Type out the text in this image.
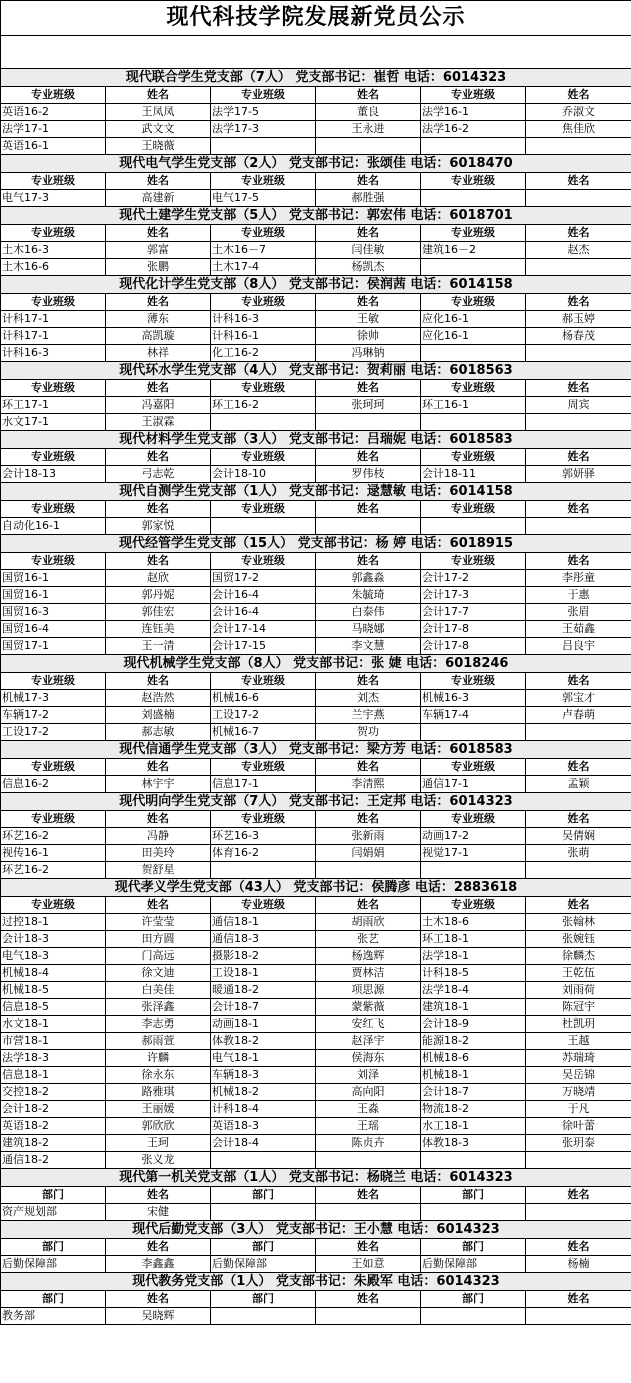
现代科技学院发展新党员公示					

现代联合学生党支部（7人） 党支部书记：崔哲 电话：6014323					
专业班级	姓名	专业班级	姓名	专业班级	姓名
英语16-2	王凤凤	法学17-5	董良	法学16-1	乔淑文
法学17-1	武文文	法学17-3	王永进	法学16-2	焦佳欣
英语16-1	王晓薇				
现代电气学生党支部（2人） 党支部书记：张颂佳 电话：6018470					
专业班级	姓名	专业班级	姓名	专业班级	姓名
电气17-3	高建新	电气17-5	郝胜强		
现代土建学生党支部（5人） 党支部书记：郭宏伟 电话：6018701					
专业班级	姓名	专业班级	姓名	专业班级	姓名
土木16-3	郭富	土木16－7	闫佳敏	建筑16－2	赵杰
土木16-6	张鹏	土木17-4	杨凯杰		
现代化计学生党支部（8人） 党支部书记：侯润茜 电话：6014158					
专业班级	姓名	专业班级	姓名	专业班级	姓名
计科17-1	薄东	计科16-3	王敏	应化16-1	郝玉婷
计科17-1	高凯璇	计科16-1	徐帅	应化16-1	杨春茂
计科16-3	林祥	化工16-2	冯琳钠		
现代环水学生党支部（4人） 党支部书记：贺莉丽 电话：6018563					
专业班级	姓名	专业班级	姓名	专业班级	姓名
环工17-1	冯嘉阳	环工16-2	张珂珂	环工16-1	周宾
水文17-1	王淑霖				
现代材料学生党支部（3人） 党支部书记：吕瑞妮 电话：6018583					
专业班级	姓名	专业班级	姓名	专业班级	姓名
会计18-13	弓志乾	会计18-10	罗伟枝	会计18-11	郭妍驿
现代自测学生党支部（1人） 党支部书记：逯慧敏 电话：6014158					
专业班级	姓名	专业班级	姓名	专业班级	姓名
自动化16-1	郭家悦				
现代经管学生党支部（15人） 党支部书记：杨 婷 电话：6018915					
专业班级	姓名	专业班级	姓名	专业班级	姓名
国贸16-1	赵欣	国贸17-2	郭鑫淼	会计17-2	李彤童
国贸16-1	郭丹妮	会计16-4	朱毓琦	会计17-3	于惠
国贸16-3	郭佳宏	会计16-4	白泰伟	会计17-7	张眉
国贸16-4	连钰美	会计17-14	马晓娜	会计17-8	王茹鑫
国贸17-1	王一清	会计17-15	李文慧	会计17-8	吕良宇
现代机械学生党支部（8人） 党支部书记：张 婕 电话：6018246					
专业班级	姓名	专业班级	姓名	专业班级	姓名
机械17-3	赵浩然	机械16-6	刘杰	机械16-3	郭宝才
车辆17-2	刘盛楠	工设17-2	兰宇燕	车辆17-4	卢春萌
工设17-2	郝志敏	机械16-7	贺功		
现代信通学生党支部（3人） 党支部书记：梁方芳 电话：6018583					
专业班级	姓名	专业班级	姓名	专业班级	姓名
信息16-2	林宇宇	信息17-1	李清熙	通信17-1	孟颖
现代明向学生党支部（7人） 党支部书记：王定邦 电话：6014323					
专业班级	姓名	专业班级	姓名	专业班级	姓名
环艺16-2	冯静	环艺16-3	张新雨	动画17-2	吴倩娴
视传16-1	田美玲	体育16-2	闫娟娟	视觉17-1	张萌
环艺16-2	贺舒星				
现代孝义学生党支部（43人） 党支部书记：侯腾彦 电话：2883618					
专业班级	姓名	专业班级	姓名	专业班级	姓名
过控18-1	许莹莹	通信18-1	胡雨欣	土木18-6	张翰林
会计18-3	田方圆	通信18-3	张艺	环工18-1	张婉钰
电气18-3	门高远	摄影18-2	杨逸辉	法学18-1	徐麟杰
机械18-4	徐文迪	工设18-1	贾林洁	计科18-5	王乾伍
机械18-5	白美佳	暖通18-2	项思源	法学18-4	刘雨荷
信息18-5	张泽鑫	会计18-7	蒙紫薇	建筑18-1	陈冠宇
水文18-1	李志勇	动画18-1	安红飞	会计18-9	杜凯玥
市营18-1	郝雨萱	体教18-2	赵泽宇	能源18-2	王越
法学18-3	许麟	电气18-1	侯海东	机械18-6	苏瑞琦
信息18-1	徐永东	车辆18-3	刘泽	机械18-1	吴岳锦
交控18-2	路雅琪	机械18-2	高向阳	会计18-7	万晓靖
会计18-2	王丽媛	计科18-4	王淼	物流18-2	于凡
英语18-2	郭欣欣	英语18-3	王瑶	水工18-1	徐叶蕾
建筑18-2	王珂	会计18-4	陈贞卉	体教18-3	张玥泰
通信18-2	张义龙				
现代第一机关党支部（1人） 党支部书记：杨晓兰 电话：6014323					
部门	姓名	部门	姓名	部门	姓名
资产规划部	宋健				
现代后勤党支部（3人） 党支部书记：王小慧 电话：6014323					
部门	姓名	部门	姓名	部门	姓名
后勤保障部	李鑫鑫	后勤保障部	王如意	后勤保障部	杨楠
现代教务党支部（1人） 党支部书记：朱殿军 电话：6014323					
部门	姓名	部门	姓名	部门	姓名
教务部	吴晓辉				
